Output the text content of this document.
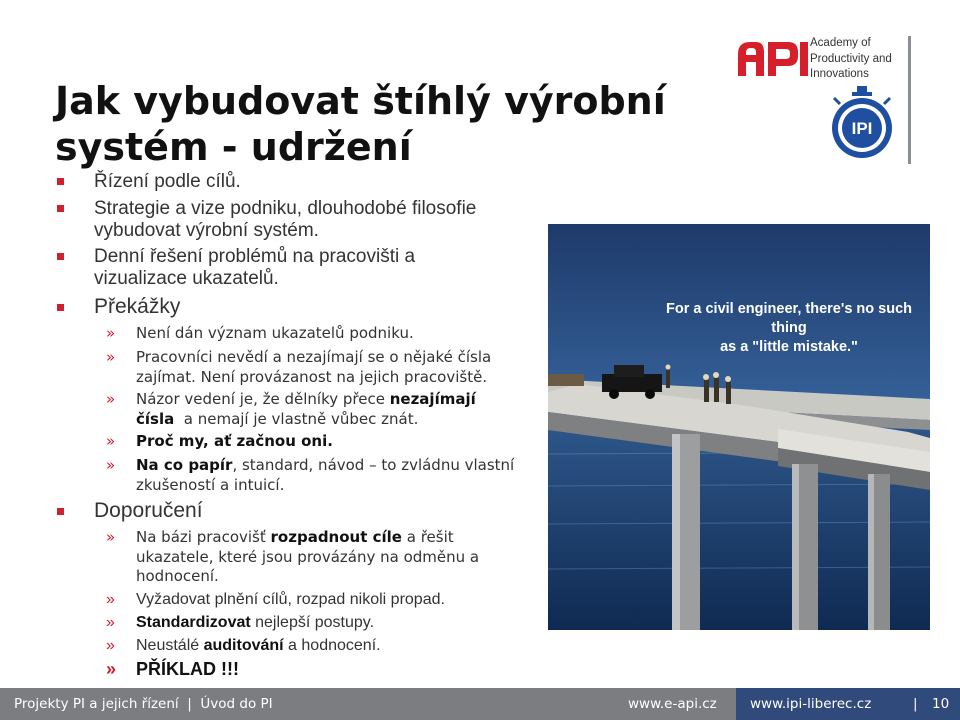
Jak vybudovat štíhlý výrobní
systém - udržení
Řízení podle cílů.
Strategie a vize podniku, dlouhodobé filosofie
vybudovat výrobní systém.
Denní řešení problémů na pracovišti a
vizualizace ukazatelů.
Překážky
» Není dán význam ukazatelů podniku.
» Pracovníci nevědí a nezajímají se o nějaké čísla
zajímat. Není provázanost na jejich pracoviště.
» Názor vedení je, že dělníky přece nezajímají
čísla  a nemají je vlastně vůbec znát.
» Proč my, ať začnou oni.
» Na co papír, standard, návod – to zvládnu vlastní
zkušeností a intuicí.
Doporučení
» Na bázi pracovišť rozpadnout cíle a řešit
ukazatele, které jsou provázány na odměnu a
hodnocení.
» Vyžadovat plnění cílů, rozpad nikoli propad.
» Standardizovat nejlepší postupy.
» Neustálé auditování a hodnocení.
» PŘÍKLAD !!!
API
Academy of
Productivity and
Innovations
IPI
For a civil engineer, there's no such thing
as a "little mistake."
Projekty PI a jejich řízení  |  Úvod do PI	www.e-api.cz www.ipi-liberec.cz	| 10
